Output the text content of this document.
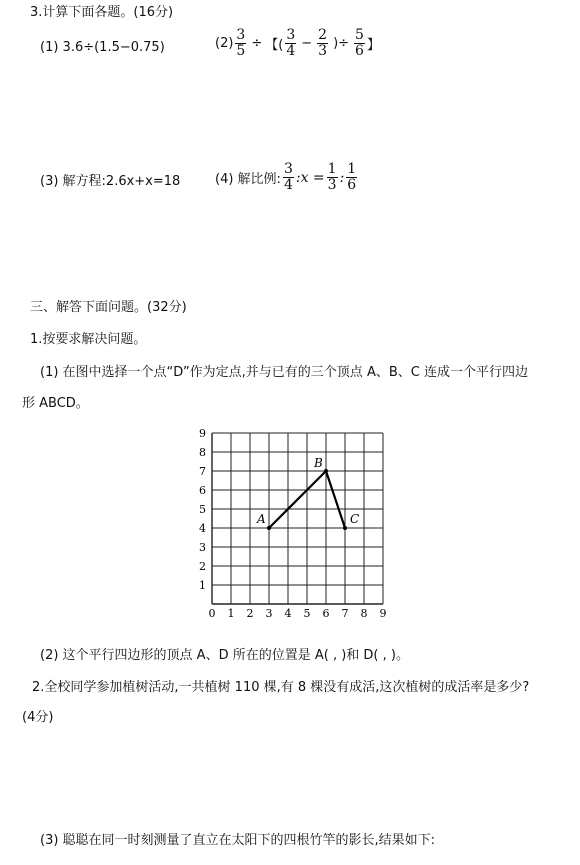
3.计算下面各题。(16分)
(1) 3.6÷(1.5−0.75)	$(2) \frac{3}{5}$ ÷ 【( $\frac{3}{4} - \frac{2}{3}$ )÷ $\frac{5}{6}$ 】
(3) 解方程:2.6x+x=18	(4) 解比例: $\frac{3}{4}$ :x = $\frac{1}{3}$ : $\frac{1}{6}$
三、解答下面问题。(32分)
1.按要求解决问题。
(1) 在图中选择一个点“D”作为定点,并与已有的三个顶点 A、B、C 连成一个平行四边
形 ABCD。
0 1 2 3 4 5 6 7 8 9
1
2
3
4
5
6
7
8
9
A
B
C
(2) 这个平行四边形的顶点 A、D 所在的位置是 A( , )和 D( , )。
2.全校同学参加植树活动,一共植树 110 棵,有 8 棵没有成活,这次植树的成活率是多少?
(4分)
(3) 聪聪在同一时刻测量了直立在太阳下的四根竹竿的影长,结果如下:
